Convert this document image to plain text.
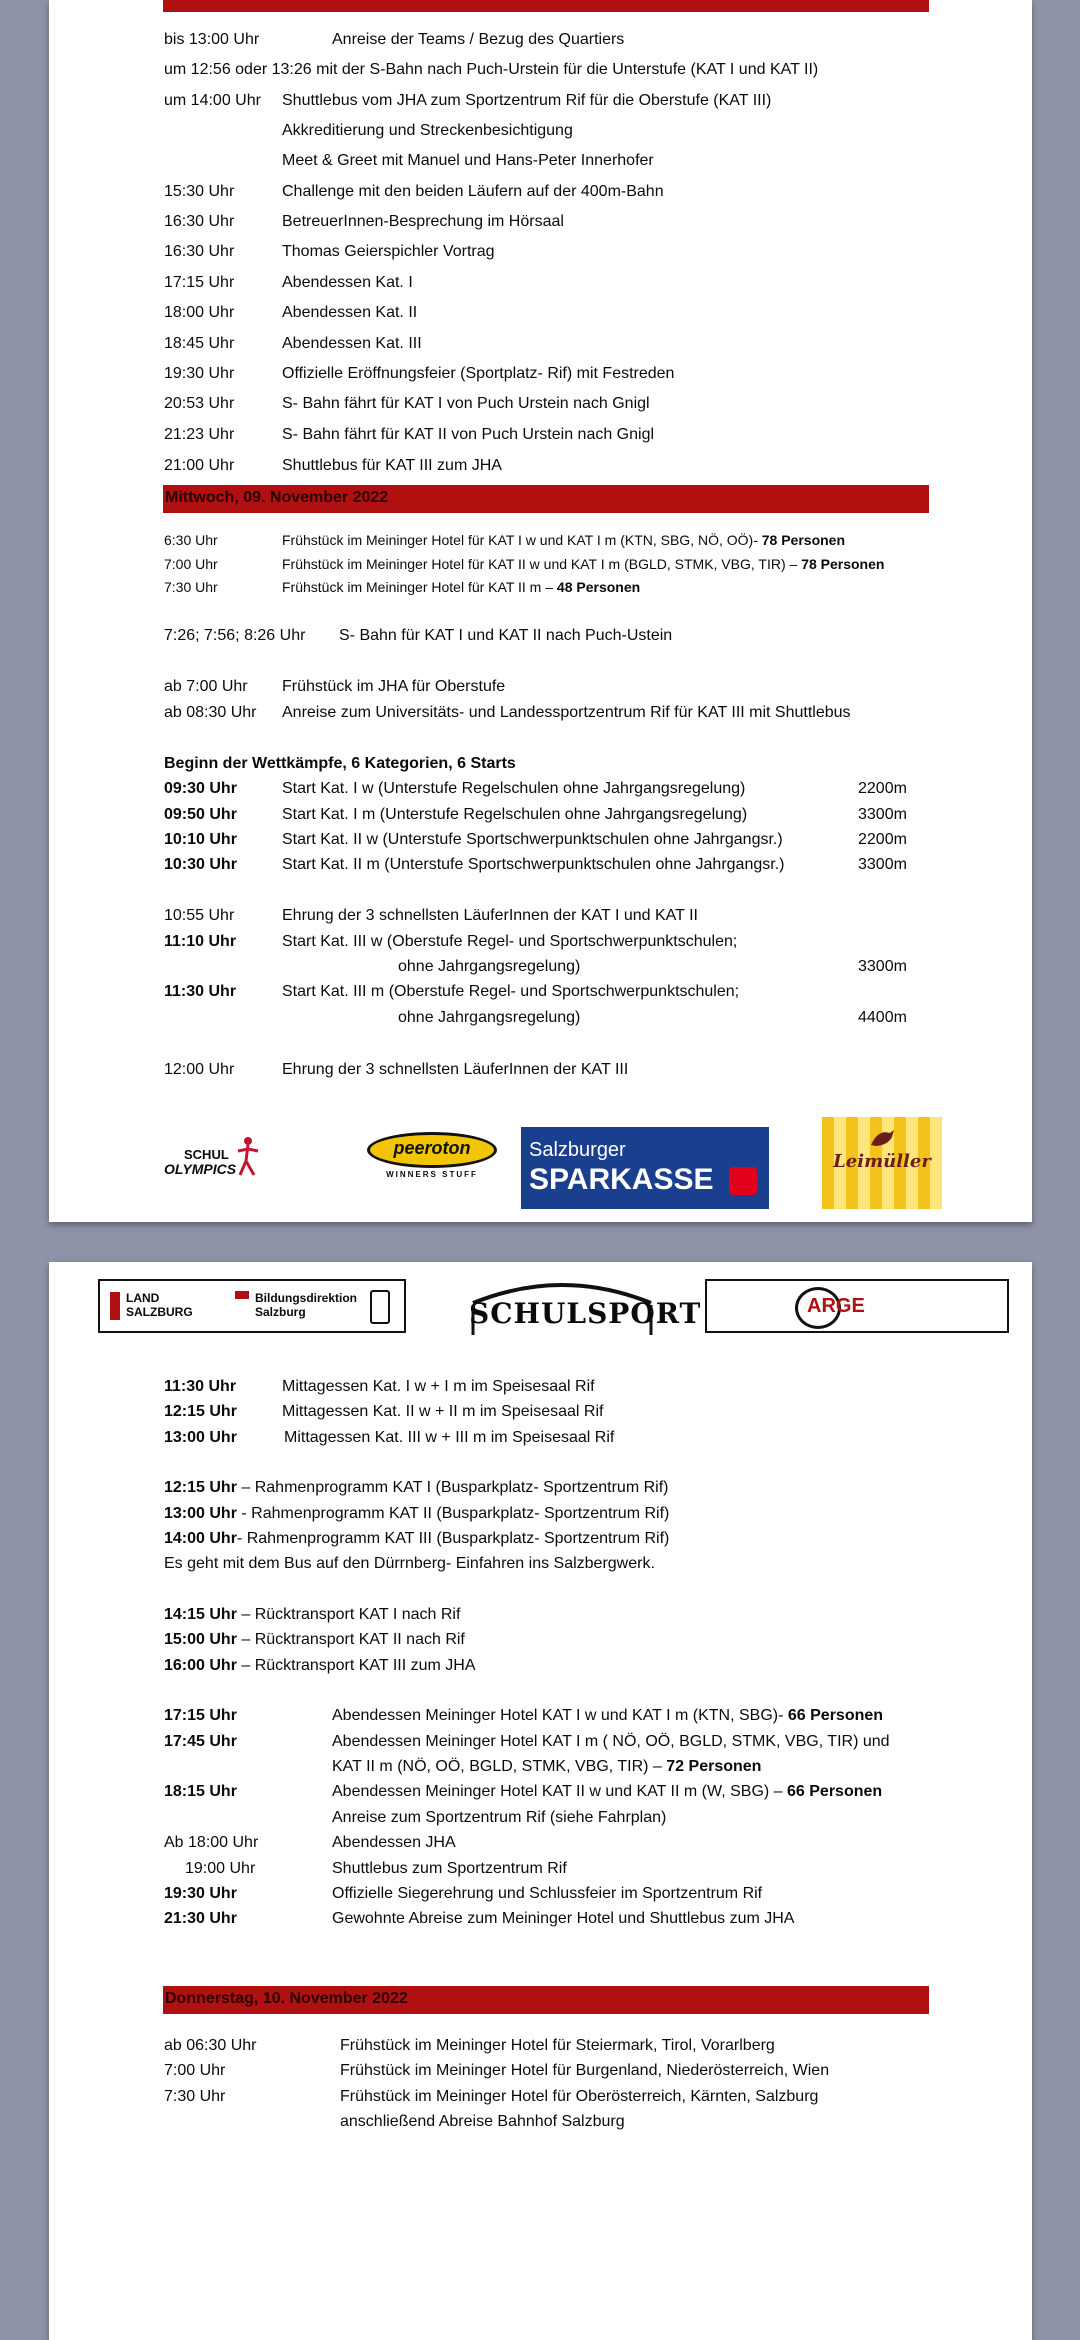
bis 13:00 Uhr	Anreise der Teams / Bezug des Quartiers
um 12:56 oder 13:26 mit der S-Bahn nach Puch-Urstein für die Unterstufe (KAT I und KAT II)
um 14:00 Uhr Shuttlebus vom JHA zum Sportzentrum Rif für die Oberstufe (KAT III)
Akkreditierung und Streckenbesichtigung
Meet & Greet mit Manuel und Hans-Peter Innerhofer
15:30 Uhr	Challenge mit den beiden Läufern auf der 400m-Bahn
16:30 Uhr	BetreuerInnen-Besprechung im Hörsaal
16:30 Uhr	Thomas Geierspichler Vortrag
17:15 Uhr	Abendessen Kat. I
18:00 Uhr	Abendessen Kat. II
18:45 Uhr	Abendessen Kat. III
19:30 Uhr	Offizielle Eröffnungsfeier (Sportplatz- Rif) mit Festreden
20:53 Uhr	S- Bahn fährt für KAT I von Puch Urstein nach Gnigl
21:23 Uhr	S- Bahn fährt für KAT II von Puch Urstein nach Gnigl
21:00 Uhr	Shuttlebus für KAT III zum JHA
Mittwoch, 09. November 2022
6:30 Uhr	Frühstück im Meininger Hotel für KAT I w und KAT I m (KTN, SBG, NÖ, OÖ)- 78 Personen
7:00 Uhr	Frühstück im Meininger Hotel für KAT II w und KAT I m (BGLD, STMK, VBG, TIR) – 78 Personen
7:30 Uhr	Frühstück im Meininger Hotel für KAT II m – 48 Personen
7:26; 7:56; 8:26 Uhr S- Bahn für KAT I und KAT II nach Puch-Ustein
ab 7:00 Uhr Frühstück im JHA für Oberstufe
ab 08:30 Uhr Anreise zum Universitäts- und Landessportzentrum Rif für KAT III mit Shuttlebus
Beginn der Wettkämpfe, 6 Kategorien, 6 Starts
09:30 Uhr	Start Kat. I w (Unterstufe Regelschulen ohne Jahrgangsregelung)	2200m
09:50 Uhr	Start Kat. I m (Unterstufe Regelschulen ohne Jahrgangsregelung)	3300m
10:10 Uhr	Start Kat. II w (Unterstufe Sportschwerpunktschulen ohne Jahrgangsr.)	2200m
10:30 Uhr	Start Kat. II m (Unterstufe Sportschwerpunktschulen ohne Jahrgangsr.)	3300m
10:55 Uhr	Ehrung der 3 schnellsten LäuferInnen der KAT I und KAT II
11:10 Uhr	Start Kat. III w (Oberstufe Regel- und Sportschwerpunktschulen;
ohne Jahrgangsregelung)	3300m
11:30 Uhr	Start Kat. III m (Oberstufe Regel- und Sportschwerpunktschulen;
ohne Jahrgangsregelung)	4400m
12:00 Uhr	Ehrung der 3 schnellsten LäuferInnen der KAT III
SCHUL
OLYMPICS
peeroton
WINNERS STUFF
Salzburger
SPARKASSE
Leimüller
LAND
SALZBURG
Bildungsdirektion
Salzburg	SCHULSPORT	ARGE
11:30 Uhr	Mittagessen Kat. I w + I m im Speisesaal Rif
12:15 Uhr	Mittagessen Kat. II w + II m im Speisesaal Rif
13:00 Uhr	Mittagessen Kat. III w + III m im Speisesaal Rif
12:15 Uhr – Rahmenprogramm KAT I (Busparkplatz- Sportzentrum Rif)
13:00 Uhr - Rahmenprogramm KAT II (Busparkplatz- Sportzentrum Rif)
14:00 Uhr- Rahmenprogramm KAT III (Busparkplatz- Sportzentrum Rif)
Es geht mit dem Bus auf den Dürrnberg- Einfahren ins Salzbergwerk.
14:15 Uhr – Rücktransport KAT I nach Rif
15:00 Uhr – Rücktransport KAT II nach Rif
16:00 Uhr – Rücktransport KAT III zum JHA
17:15 Uhr	Abendessen Meininger Hotel KAT I w und KAT I m (KTN, SBG)- 66 Personen
17:45 Uhr	Abendessen Meininger Hotel KAT I m ( NÖ, OÖ, BGLD, STMK, VBG, TIR) und
KAT II m (NÖ, OÖ, BGLD, STMK, VBG, TIR) – 72 Personen
18:15 Uhr	Abendessen Meininger Hotel KAT II w und KAT II m (W, SBG) – 66 Personen
Anreise zum Sportzentrum Rif (siehe Fahrplan)
Ab 18:00 Uhr	Abendessen JHA
19:00 Uhr	Shuttlebus zum Sportzentrum Rif
19:30 Uhr	Offizielle Siegerehrung und Schlussfeier im Sportzentrum Rif
21:30 Uhr	Gewohnte Abreise zum Meininger Hotel und Shuttlebus zum JHA
Donnerstag, 10. November 2022
ab 06:30 Uhr	Frühstück im Meininger Hotel für Steiermark, Tirol, Vorarlberg
7:00 Uhr	Frühstück im Meininger Hotel für Burgenland, Niederösterreich, Wien
7:30 Uhr	Frühstück im Meininger Hotel für Oberösterreich, Kärnten, Salzburg
anschließend Abreise Bahnhof Salzburg
